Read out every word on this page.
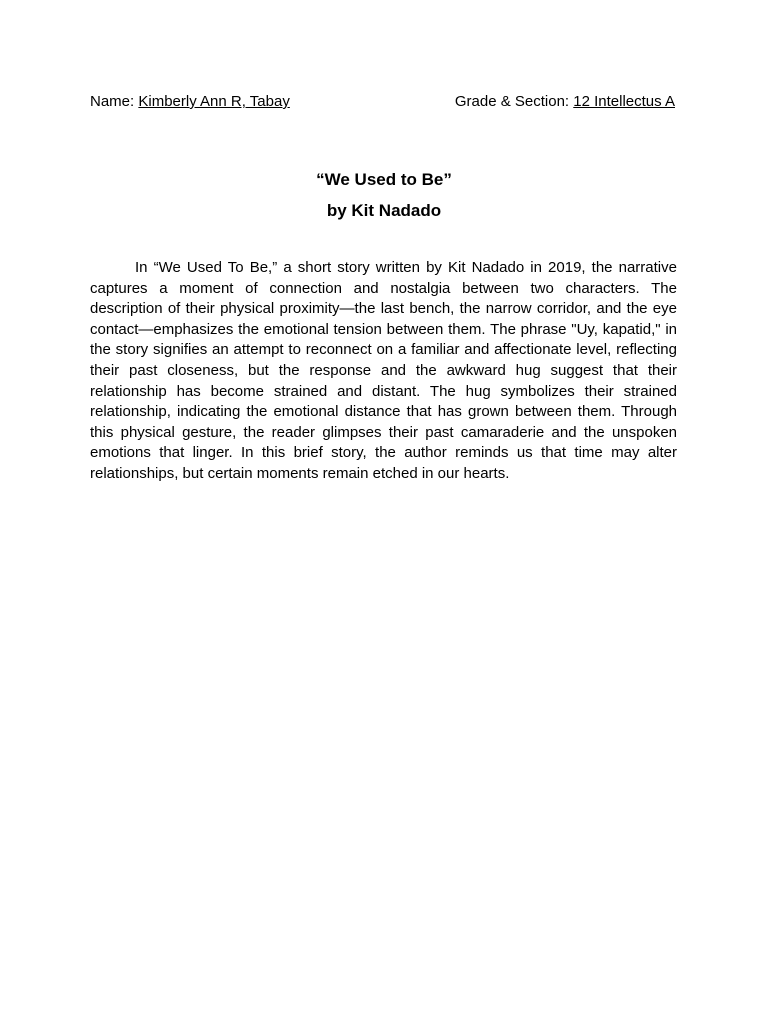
Name: Kimberly Ann R, Tabay	Grade & Section: 12 Intellectus A
“We Used to Be”
by Kit Nadado

In “We Used To Be,” a short story written by Kit Nadado in 2019, the narrative captures a moment of connection and nostalgia between two characters. The description of their physical proximity—the last bench, the narrow corridor, and the eye contact—emphasizes the emotional tension between them. The phrase "Uy, kapatid," in the story signifies an attempt to reconnect on a familiar and affectionate level, reflecting their past closeness, but the response and the awkward hug suggest that their relationship has become strained and distant. The hug symbolizes their strained relationship, indicating the emotional distance that has grown between them. Through this physical gesture, the reader glimpses their past camaraderie and the unspoken emotions that linger. In this brief story, the author reminds us that time may alter relationships, but certain moments remain etched in our hearts.
